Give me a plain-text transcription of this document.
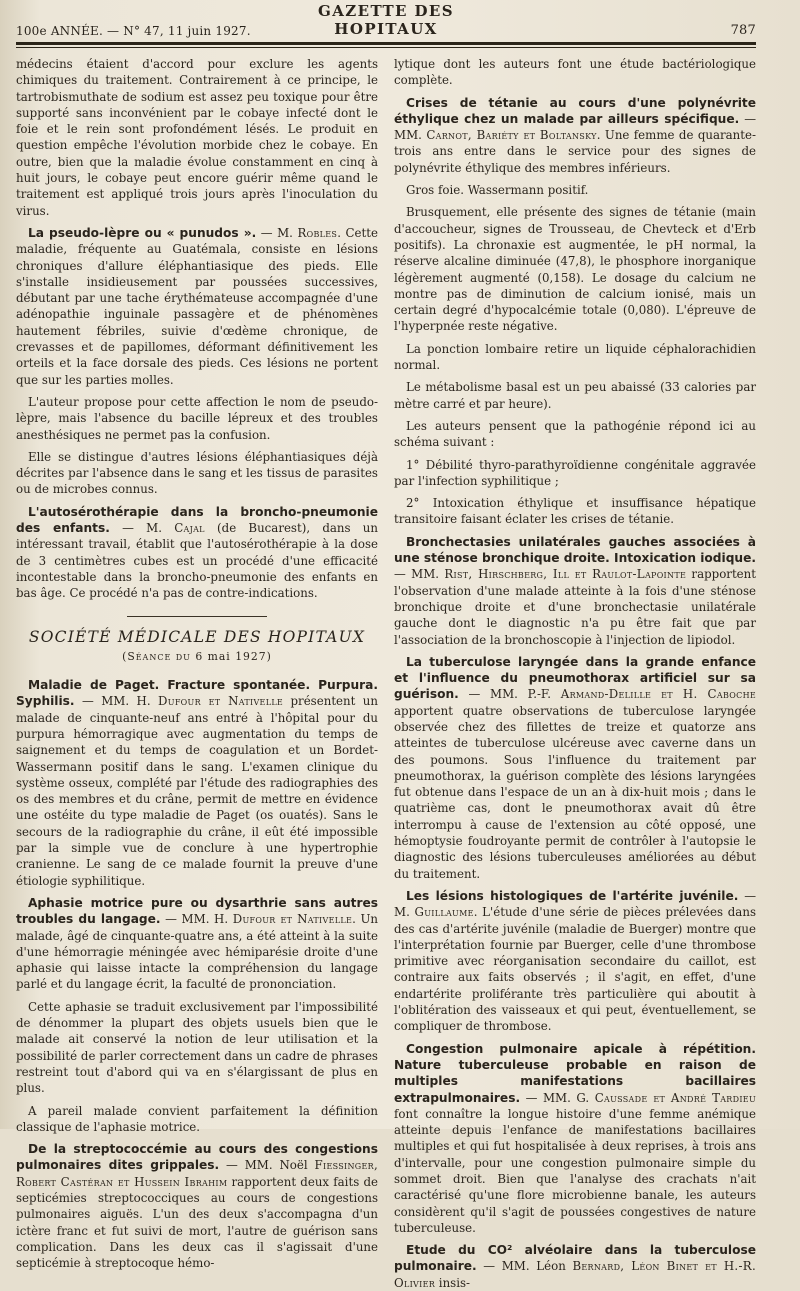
100e ANNÉE. — N° 47, 11 juin 1927.
GAZETTE DES HOPITAUX	787

médecins étaient d'accord pour exclure les agents chimiques du traitement. Contrairement à ce principe, le tartrobismuthate de sodium est assez peu toxique pour être supporté sans inconvénient par le cobaye infecté dont le foie et le rein sont profondément lésés. Le produit en question empêche l'évolution morbide chez le cobaye. En outre, bien que la maladie évolue constamment en cinq à huit jours, le cobaye peut encore guérir même quand le traitement est appliqué trois jours après l'inoculation du virus.

La pseudo-lèpre ou « punudos ». — M. Robles. Cette maladie, fréquente au Guatémala, consiste en lésions chroniques d'allure éléphantiasique des pieds. Elle s'installe insidieusement par poussées successives, débutant par une tache érythémateuse accompagnée d'une adénopathie inguinale passagère et de phénomènes hautement fébriles, suivie d'œdème chronique, de crevasses et de papillomes, déformant définitivement les orteils et la face dorsale des pieds. Ces lésions ne portent que sur les parties molles.

L'auteur propose pour cette affection le nom de pseudo-lèpre, mais l'absence du bacille lépreux et des troubles anesthésiques ne permet pas la confusion.

Elle se distingue d'autres lésions éléphantiasiques déjà décrites par l'absence dans le sang et les tissus de parasites ou de microbes connus.

L'autosérothérapie dans la broncho-pneumonie des enfants. — M. Cajal (de Bucarest), dans un intéressant travail, établit que l'autosérothérapie à la dose de 3 centimètres cubes est un procédé d'une efficacité incontestable dans la broncho-pneumonie des enfants en bas âge. Ce procédé n'a pas de contre-indications.

SOCIÉTÉ MÉDICALE DES HOPITAUX
(Séance du 6 mai 1927)

Maladie de Paget. Fracture spontanée. Purpura. Syphilis. — MM. H. Dufour et Nativelle présentent un malade de cinquante-neuf ans entré à l'hôpital pour du purpura hémorragique avec augmentation du temps de saignement et du temps de coagulation et un Bordet-Wassermann positif dans le sang. L'examen clinique du système osseux, complété par l'étude des radiographies des os des membres et du crâne, permit de mettre en évidence une ostéite du type maladie de Paget (os ouatés). Sans le secours de la radiographie du crâne, il eût été impossible par la simple vue de conclure à une hypertrophie cranienne. Le sang de ce malade fournit la preuve d'une étiologie syphilitique.

Aphasie motrice pure ou dysarthrie sans autres troubles du langage. — MM. H. Dufour et Nativelle. Un malade, âgé de cinquante-quatre ans, a été atteint à la suite d'une hémorragie méningée avec hémiparésie droite d'une aphasie qui laisse intacte la compréhension du langage parlé et du langage écrit, la faculté de prononciation.

Cette aphasie se traduit exclusivement par l'impossibilité de dénommer la plupart des objets usuels bien que le malade ait conservé la notion de leur utilisation et la possibilité de parler correctement dans un cadre de phrases restreint tout d'abord qui va en s'élargissant de plus en plus.

A pareil malade convient parfaitement la définition classique de l'aphasie motrice.

De la streptococcémie au cours des congestions pulmonaires dites grippales. — MM. Noël Fiessinger, Robert Castéran et Hussein Ibrahim rapportent deux faits de septicémies streptococciques au cours de congestions pulmonaires aiguës. L'un des deux s'accompagna d'un ictère franc et fut suivi de mort, l'autre de guérison sans complication. Dans les deux cas il s'agissait d'une septicémie à streptocoque hémo-

lytique dont les auteurs font une étude bactériologique complète.

Crises de tétanie au cours d'une polynévrite éthylique chez un malade par ailleurs spécifique. — MM. Carnot, Bariéty et Boltansky. Une femme de quarante-trois ans entre dans le service pour des signes de polynévrite éthylique des membres inférieurs.

Gros foie. Wassermann positif.

Brusquement, elle présente des signes de tétanie (main d'accoucheur, signes de Trousseau, de Chevteck et d'Erb positifs). La chronaxie est augmentée, le pH normal, la réserve alcaline diminuée (47,8), le phosphore inorganique légèrement augmenté (0,158). Le dosage du calcium ne montre pas de diminution de calcium ionisé, mais un certain degré d'hypocalcémie totale (0,080). L'épreuve de l'hyperpnée reste négative.

La ponction lombaire retire un liquide céphalorachidien normal.

Le métabolisme basal est un peu abaissé (33 calories par mètre carré et par heure).

Les auteurs pensent que la pathogénie répond ici au schéma suivant :

1° Débilité thyro-parathyroïdienne congénitale aggravée par l'infection syphilitique ;

2° Intoxication éthylique et insuffisance hépatique transitoire faisant éclater les crises de tétanie.

Bronchectasies unilatérales gauches associées à une sténose bronchique droite. Intoxication iodique. — MM. Rist, Hirschberg, Ill et Raulot-Lapointe rapportent l'observation d'une malade atteinte à la fois d'une sténose bronchique droite et d'une bronchectasie unilatérale gauche dont le diagnostic n'a pu être fait que par l'association de la bronchoscopie à l'injection de lipiodol.

La tuberculose laryngée dans la grande enfance et l'influence du pneumothorax artificiel sur sa guérison. — MM. P.-F. Armand-Delille et H. Caboche apportent quatre observations de tuberculose laryngée observée chez des fillettes de treize et quatorze ans atteintes de tuberculose ulcéreuse avec caverne dans un des poumons. Sous l'influence du traitement par pneumothorax, la guérison complète des lésions laryngées fut obtenue dans l'espace de un an à dix-huit mois ; dans le quatrième cas, dont le pneumothorax avait dû être interrompu à cause de l'extension au côté opposé, une hémoptysie foudroyante permit de contrôler à l'autopsie le diagnostic des lésions tuberculeuses améliorées au début du traitement.

Les lésions histologiques de l'artérite juvénile. — M. Guillaume. L'étude d'une série de pièces prélevées dans des cas d'artérite juvénile (maladie de Buerger) montre que l'interprétation fournie par Buerger, celle d'une thrombose primitive avec réorganisation secondaire du caillot, est contraire aux faits observés ; il s'agit, en effet, d'une endartérite proliférante très particulière qui aboutit à l'oblitération des vaisseaux et qui peut, éventuellement, se compliquer de thrombose.

Congestion pulmonaire apicale à répétition. Nature tuberculeuse probable en raison de multiples manifestations bacillaires extrapulmonaires. — MM. G. Caussade et André Tardieu font connaître la longue histoire d'une femme anémique atteinte depuis l'enfance de manifestations bacillaires multiples et qui fut hospitalisée à deux reprises, à trois ans d'intervalle, pour une congestion pulmonaire simple du sommet droit. Bien que l'analyse des crachats n'ait caractérisé qu'une flore microbienne banale, les auteurs considèrent qu'il s'agit de poussées congestives de nature tuberculeuse.

Etude du CO² alvéolaire dans la tuberculose pulmonaire. — MM. Léon Bernard, Léon Binet et H.-R. Olivier insis-
